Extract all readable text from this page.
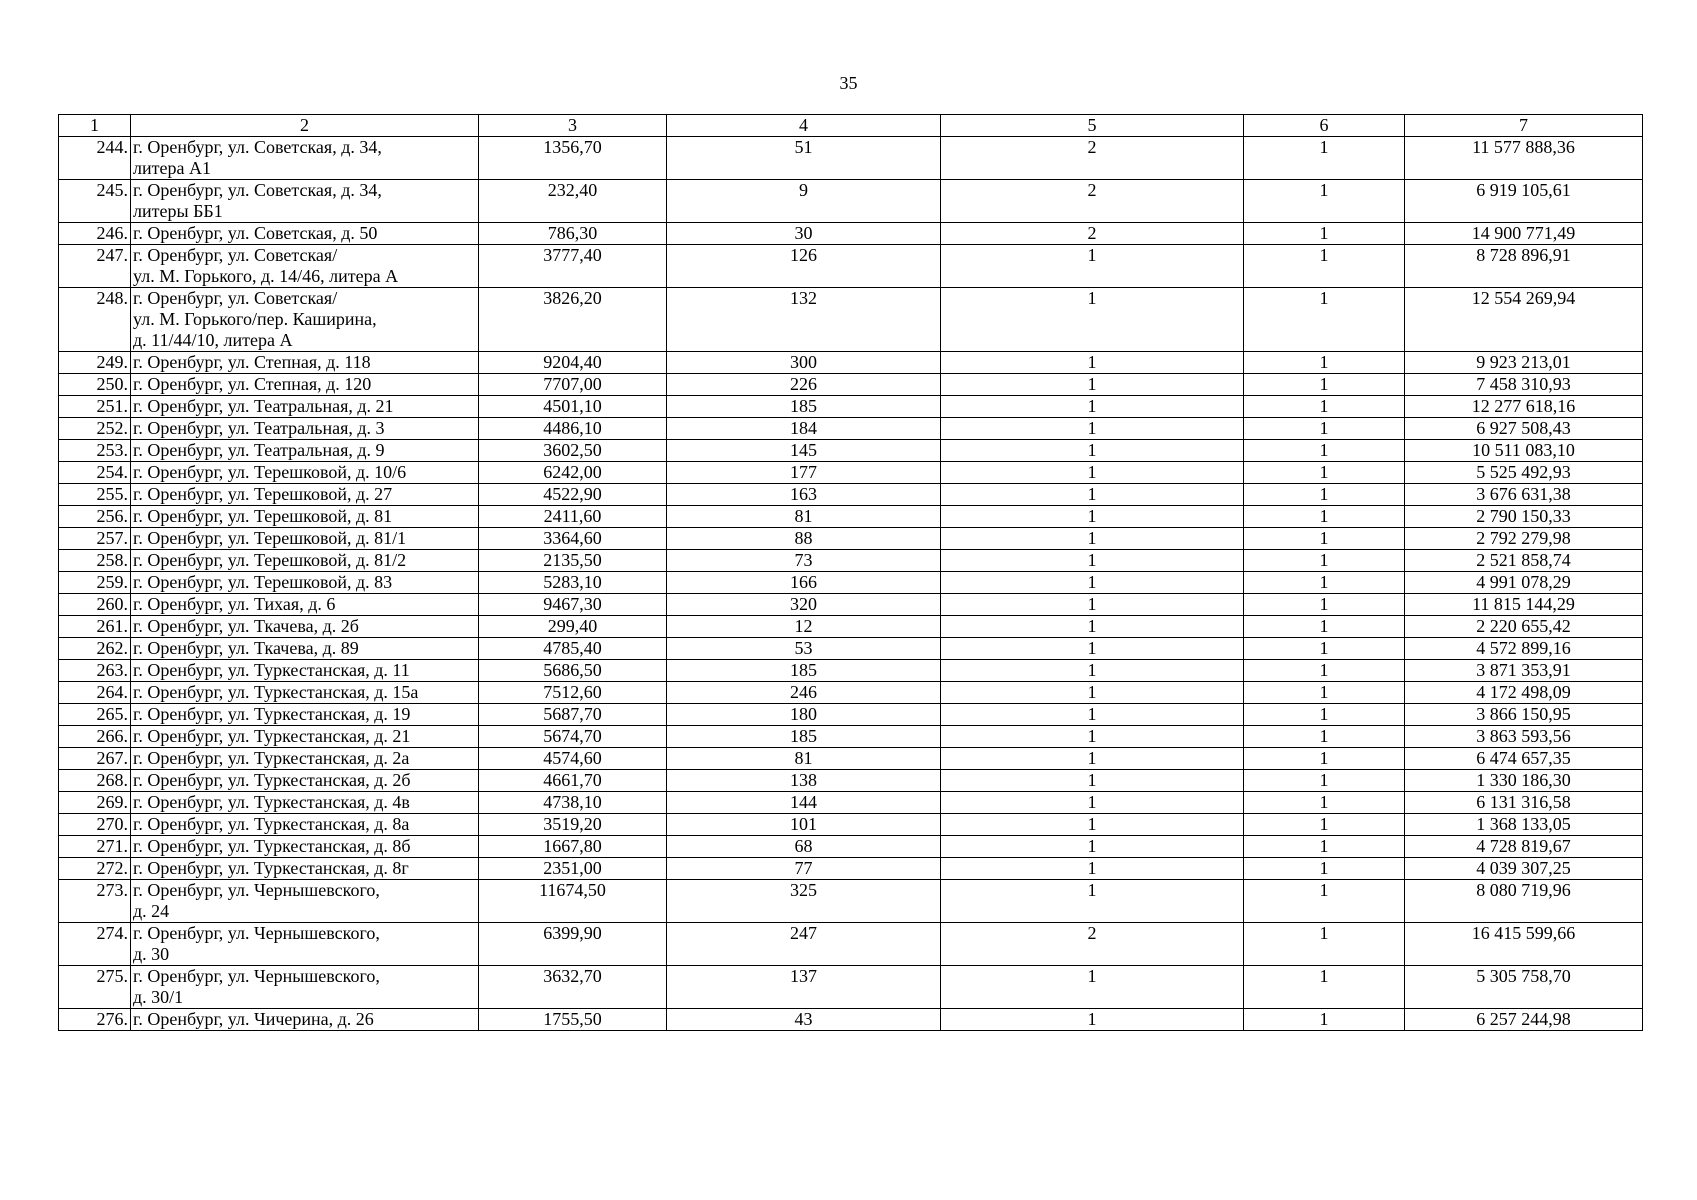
35
1	2	3	4	5	6	7
244.	г. Оренбург, ул. Советская, д. 34,
литера А1	1356,70	51	2	1	11 577 888,36
245.	г. Оренбург, ул. Советская, д. 34,
литеры ББ1	232,40	9	2	1	6 919 105,61
246.	г. Оренбург, ул. Советская, д. 50	786,30	30	2	1	14 900 771,49
247.	г. Оренбург, ул. Советская/
ул. М. Горького, д. 14/46, литера А	3777,40	126	1	1	8 728 896,91
248.	г. Оренбург, ул. Советская/
ул. М. Горького/пер. Каширина,
д. 11/44/10, литера А	3826,20	132	1	1	12 554 269,94
249.	г. Оренбург, ул. Степная, д. 118	9204,40	300	1	1	9 923 213,01
250.	г. Оренбург, ул. Степная, д. 120	7707,00	226	1	1	7 458 310,93
251.	г. Оренбург, ул. Театральная, д. 21	4501,10	185	1	1	12 277 618,16
252.	г. Оренбург, ул. Театральная, д. 3	4486,10	184	1	1	6 927 508,43
253.	г. Оренбург, ул. Театральная, д. 9	3602,50	145	1	1	10 511 083,10
254.	г. Оренбург, ул. Терешковой, д. 10/6	6242,00	177	1	1	5 525 492,93
255.	г. Оренбург, ул. Терешковой, д. 27	4522,90	163	1	1	3 676 631,38
256.	г. Оренбург, ул. Терешковой, д. 81	2411,60	81	1	1	2 790 150,33
257.	г. Оренбург, ул. Терешковой, д. 81/1	3364,60	88	1	1	2 792 279,98
258.	г. Оренбург, ул. Терешковой, д. 81/2	2135,50	73	1	1	2 521 858,74
259.	г. Оренбург, ул. Терешковой, д. 83	5283,10	166	1	1	4 991 078,29
260.	г. Оренбург, ул. Тихая, д. 6	9467,30	320	1	1	11 815 144,29
261.	г. Оренбург, ул. Ткачева, д. 2б	299,40	12	1	1	2 220 655,42
262.	г. Оренбург, ул. Ткачева, д. 89	4785,40	53	1	1	4 572 899,16
263.	г. Оренбург, ул. Туркестанская, д. 11	5686,50	185	1	1	3 871 353,91
264.	г. Оренбург, ул. Туркестанская, д. 15а	7512,60	246	1	1	4 172 498,09
265.	г. Оренбург, ул. Туркестанская, д. 19	5687,70	180	1	1	3 866 150,95
266.	г. Оренбург, ул. Туркестанская, д. 21	5674,70	185	1	1	3 863 593,56
267.	г. Оренбург, ул. Туркестанская, д. 2а	4574,60	81	1	1	6 474 657,35
268.	г. Оренбург, ул. Туркестанская, д. 2б	4661,70	138	1	1	1 330 186,30
269.	г. Оренбург, ул. Туркестанская, д. 4в	4738,10	144	1	1	6 131 316,58
270.	г. Оренбург, ул. Туркестанская, д. 8а	3519,20	101	1	1	1 368 133,05
271.	г. Оренбург, ул. Туркестанская, д. 8б	1667,80	68	1	1	4 728 819,67
272.	г. Оренбург, ул. Туркестанская, д. 8г	2351,00	77	1	1	4 039 307,25
273.	г. Оренбург, ул. Чернышевского,
д. 24	11674,50	325	1	1	8 080 719,96
274.	г. Оренбург, ул. Чернышевского,
д. 30	6399,90	247	2	1	16 415 599,66
275.	г. Оренбург, ул. Чернышевского,
д. 30/1	3632,70	137	1	1	5 305 758,70
276.	г. Оренбург, ул. Чичерина, д. 26	1755,50	43	1	1	6 257 244,98
